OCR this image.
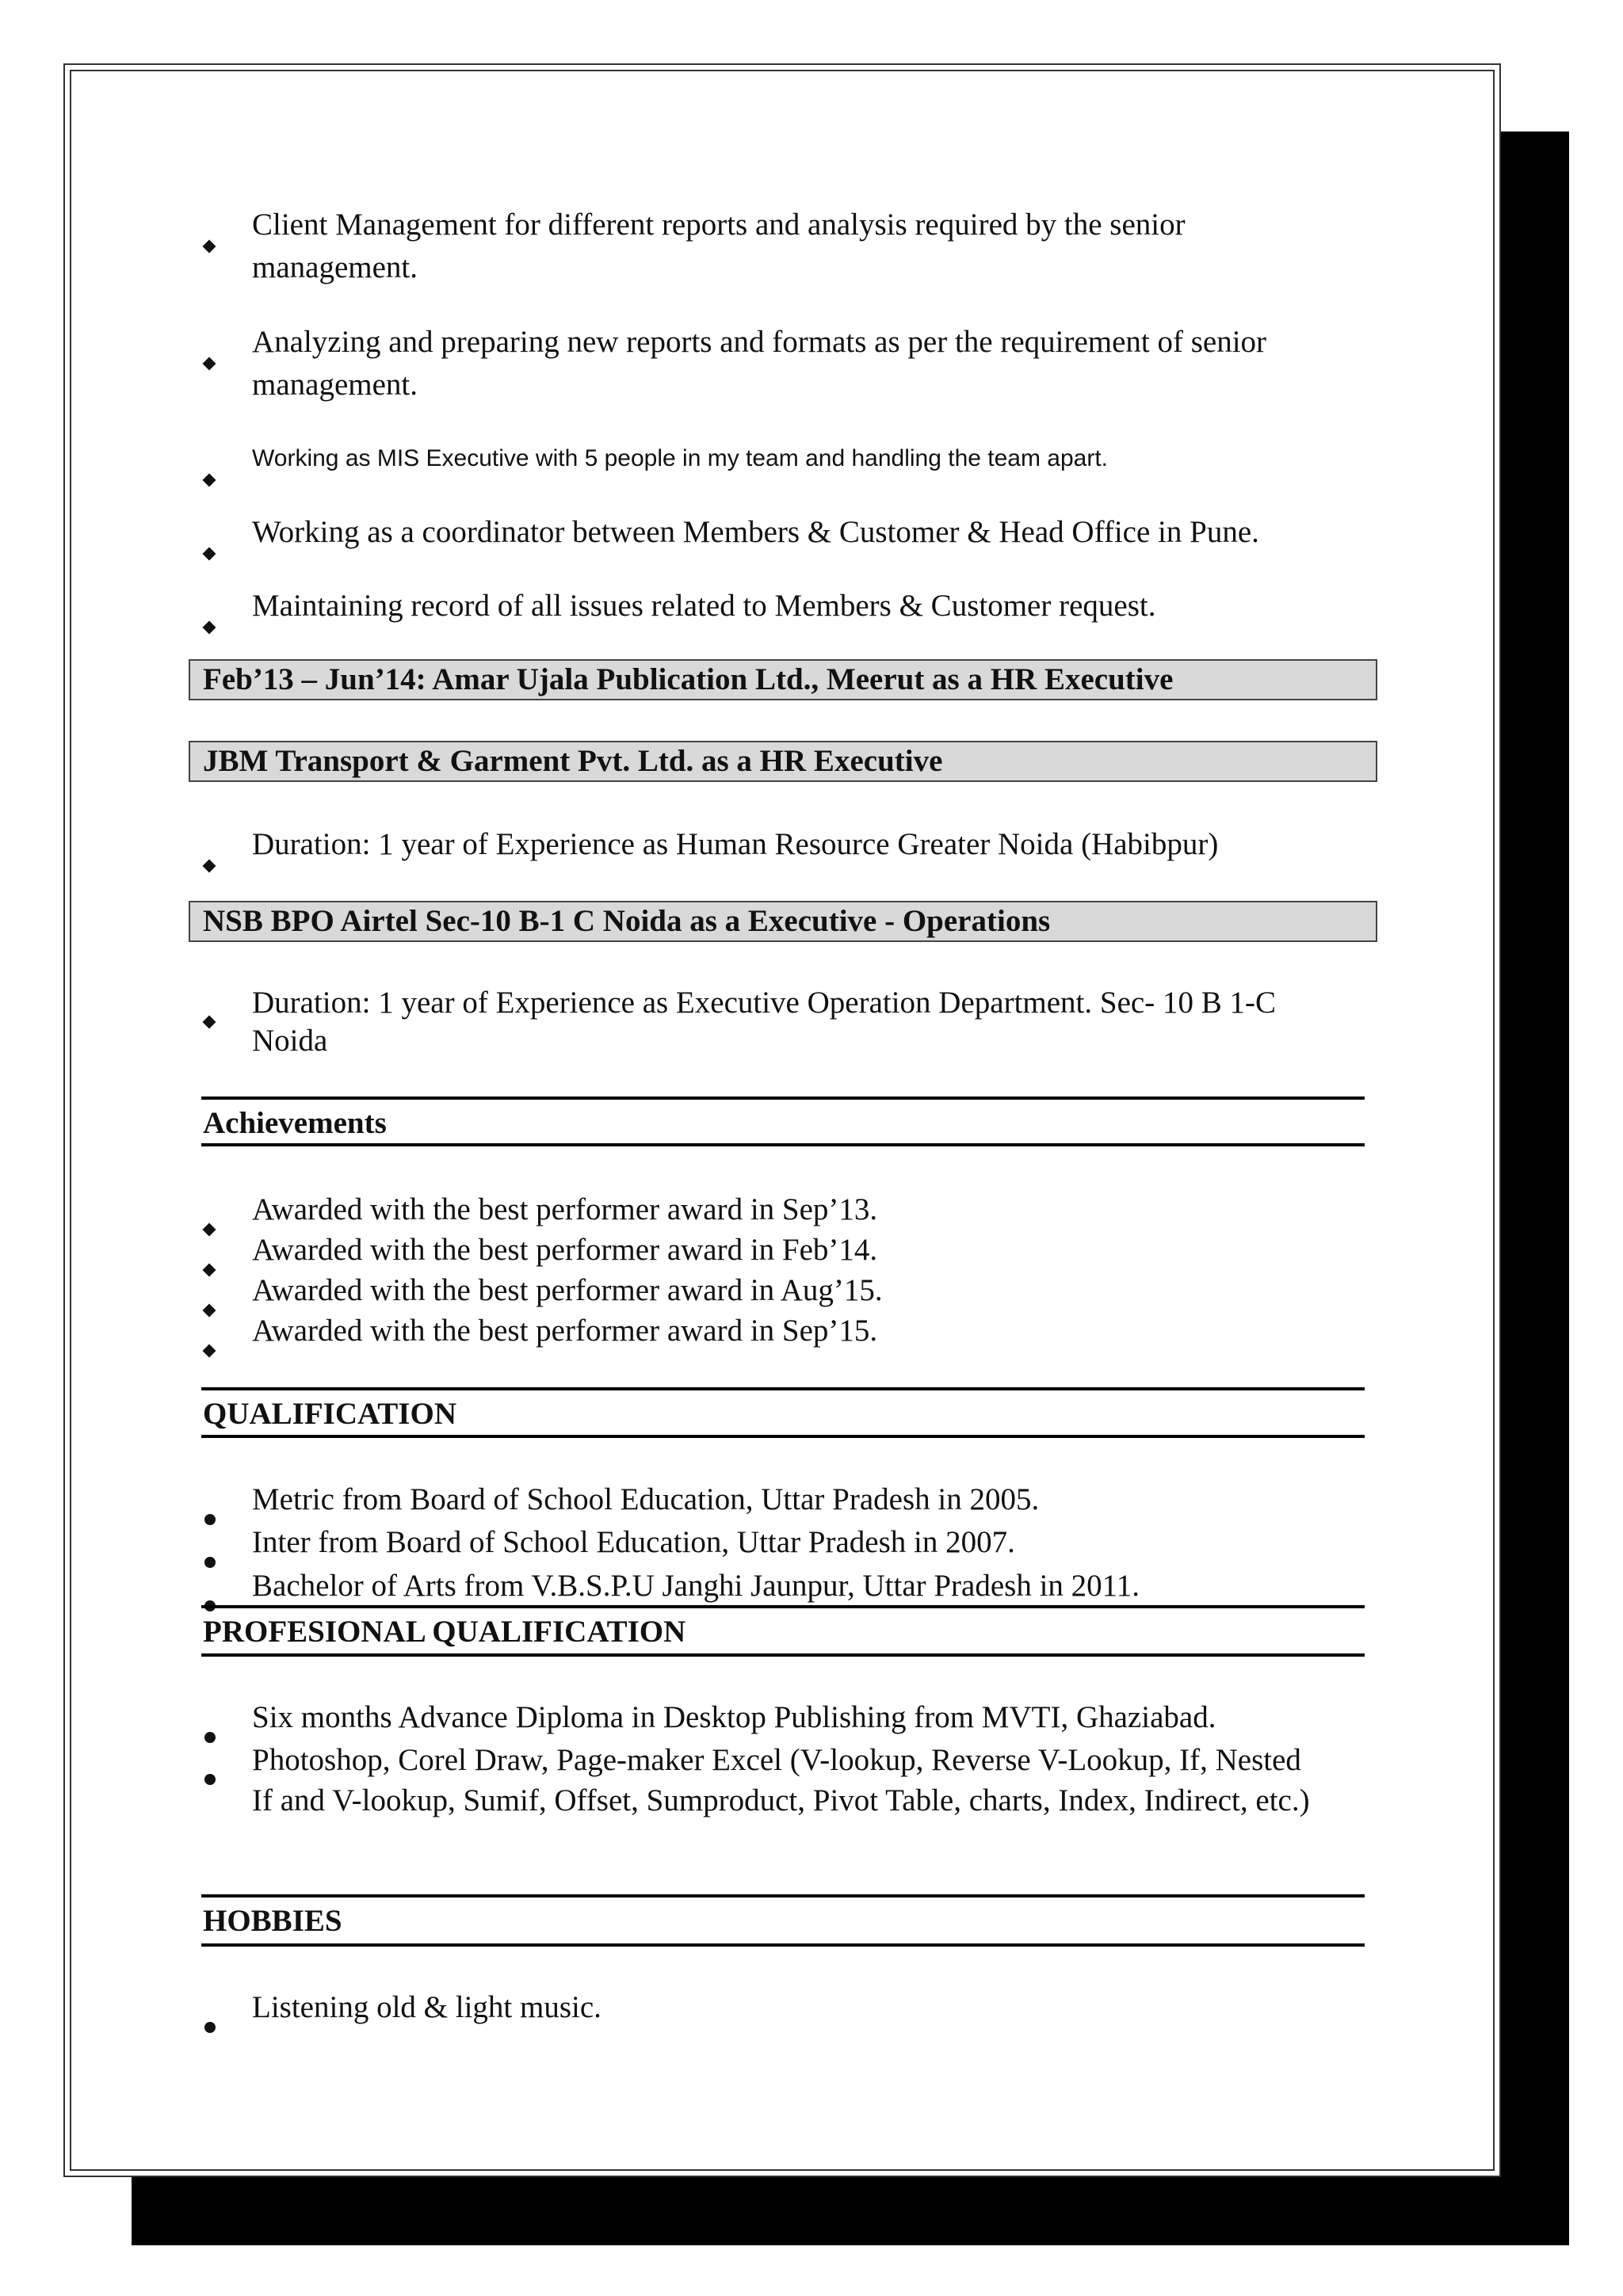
Client Management for different reports and analysis required by the senior management.
Analyzing and preparing new reports and formats as per the requirement of senior management.
Working as MIS Executive with 5 people in my team and handling the team apart.
Working as a coordinator between Members & Customer & Head Office in Pune.
Maintaining record of all issues related to Members & Customer request.
Feb’13 – Jun’14: Amar Ujala Publication Ltd., Meerut as a HR Executive
JBM Transport & Garment Pvt. Ltd. as a HR Executive
Duration: 1 year of Experience as Human Resource Greater Noida (Habibpur)
NSB BPO Airtel Sec-10 B-1 C Noida as a Executive - Operations
Duration: 1 year of Experience as Executive Operation Department. Sec- 10 B 1-C
Noida
Achievements
Awarded with the best performer award in Sep’13.
Awarded with the best performer award in Feb’14.
Awarded with the best performer award in Aug’15.
Awarded with the best performer award in Sep’15.
QUALIFICATION
Metric from Board of School Education, Uttar Pradesh in 2005.
Inter from Board of School Education, Uttar Pradesh in 2007.
Bachelor of Arts from V.B.S.P.U Janghi Jaunpur, Uttar Pradesh in 2011.
PROFESIONAL QUALIFICATION
Six months Advance Diploma in Desktop Publishing from MVTI, Ghaziabad.
Photoshop, Corel Draw, Page-maker Excel (V-lookup, Reverse V-Lookup, If, Nested If and V-lookup, Sumif, Offset, Sumproduct, Pivot Table, charts, Index, Indirect, etc.)
HOBBIES
Listening old & light music.
